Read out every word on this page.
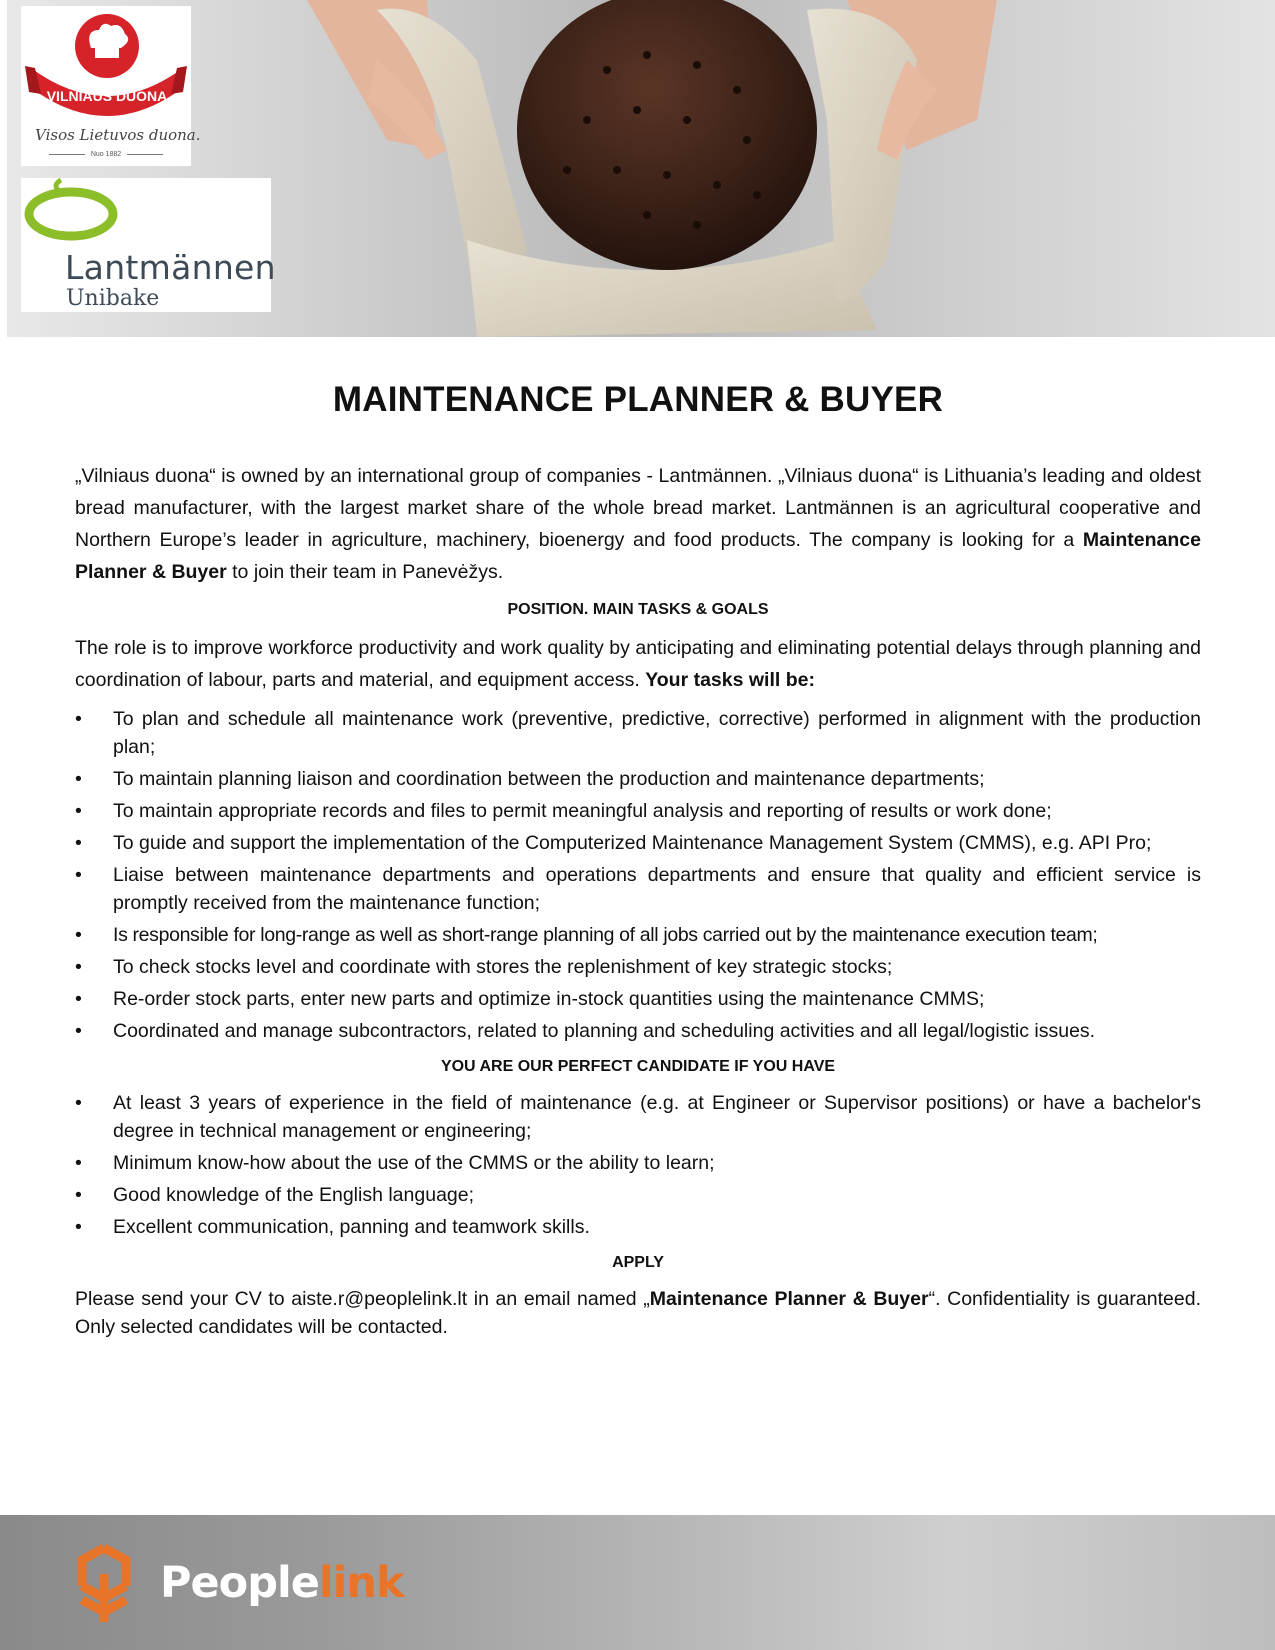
VILNIAUS DUONA
Visos Lietuvos duona.
Nuo 1882
Lantmännen
Unibake
MAINTENANCE PLANNER & BUYER

„Vilniaus duona“ is owned by an international group of companies - Lantmännen. „Vilniaus duona“ is Lithuania’s leading and oldest bread manufacturer, with the largest market share of the whole bread market. Lantmännen is an agricultural cooperative and Northern Europe’s leader in agriculture, machinery, bioenergy and food products. The company is looking for a Maintenance Planner & Buyer to join their team in Panevėžys.

POSITION. MAIN TASKS & GOALS

The role is to improve workforce productivity and work quality by anticipating and eliminating potential delays through planning and coordination of labour, parts and material, and equipment access. Your tasks will be:

•	To plan and schedule all maintenance work (preventive, predictive, corrective) performed in alignment with the production plan;
•	To maintain planning liaison and coordination between the production and maintenance departments;
•	To maintain appropriate records and files to permit meaningful analysis and reporting of results or work done;
•	To guide and support the implementation of the Computerized Maintenance Management System (CMMS), e.g. API Pro;
•	Liaise between maintenance departments and operations departments and ensure that quality and efficient service is promptly received from the maintenance function;
•	Is responsible for long-range as well as short-range planning of all jobs carried out by the maintenance execution team;
•	To check stocks level and coordinate with stores the replenishment of key strategic stocks;
•	Re-order stock parts, enter new parts and optimize in-stock quantities using the maintenance CMMS;
•	Coordinated and manage subcontractors, related to planning and scheduling activities and all legal/logistic issues.
YOU ARE OUR PERFECT CANDIDATE IF YOU HAVE
•	At least 3 years of experience in the field of maintenance (e.g. at Engineer or Supervisor positions) or have a bachelor's degree in technical management or engineering;
•	Minimum know-how about the use of the CMMS or the ability to learn;
•	Good knowledge of the English language;
•	Excellent communication, panning and teamwork skills.
APPLY

Please send your CV to aiste.r@peoplelink.lt in an email named „Maintenance Planner & Buyer“. Confidentiality is guaranteed. Only selected candidates will be contacted.

Peoplelink
